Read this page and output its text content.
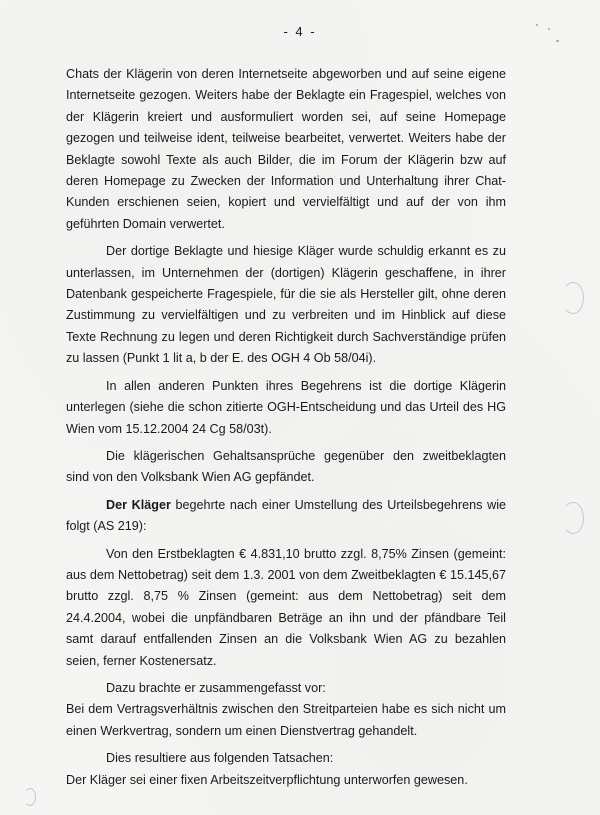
- 4 -

Chats der Klägerin von deren Internetseite abgeworben und auf seine eigene Internetseite gezogen. Weiters habe der Beklagte ein Fragespiel, welches von der Klägerin kreiert und ausformuliert worden sei, auf seine Homepage gezogen und teilweise ident, teilweise bearbeitet, verwertet. Weiters habe der Beklagte sowohl Texte als auch Bilder, die im Forum der Klägerin bzw auf deren Homepage zu Zwecken der Information und Unterhaltung ihrer Chat-Kunden erschienen seien, kopiert und vervielfältigt und auf der von ihm geführten Domain verwertet.

Der dortige Beklagte und hiesige Kläger wurde schuldig erkannt es zu unterlassen, im Unternehmen der (dortigen) Klägerin geschaffene, in ihrer Datenbank gespeicherte Fragespiele, für die sie als Hersteller gilt, ohne deren Zustimmung zu vervielfältigen und zu verbreiten und im Hinblick auf diese Texte Rechnung zu legen und deren Richtigkeit durch Sachverständige prüfen zu lassen (Punkt 1 lit a, b der E. des OGH 4 Ob 58/04i).

In allen anderen Punkten ihres Begehrens ist die dortige Klägerin unterlegen (siehe die schon zitierte OGH-Entscheidung und das Urteil des HG Wien vom 15.12.2004 24 Cg 58/03t).

Die klägerischen Gehaltsansprüche gegenüber den zweitbeklagten sind von den Volksbank Wien AG gepfändet.

Der Kläger begehrte nach einer Umstellung des Urteilsbegehrens wie folgt (AS 219):

Von den Erstbeklagten € 4.831,10 brutto zzgl. 8,75% Zinsen (gemeint: aus dem Nettobetrag) seit dem 1.3. 2001 von dem Zweitbeklagten € 15.145,67 brutto zzgl. 8,75 % Zinsen (gemeint: aus dem Nettobetrag) seit dem 24.4.2004, wobei die unpfändbaren Beträge an ihn und der pfändbare Teil samt darauf entfallenden Zinsen an die Volksbank Wien AG zu bezahlen seien, ferner Kostenersatz.

Dazu brachte er zusammengefasst vor:

Bei dem Vertragsverhältnis zwischen den Streitparteien habe es sich nicht um einen Werkvertrag, sondern um einen Dienstvertrag gehandelt.

Dies resultiere aus folgenden Tatsachen:

Der Kläger sei einer fixen Arbeitszeitverpflichtung unterworfen gewesen.
